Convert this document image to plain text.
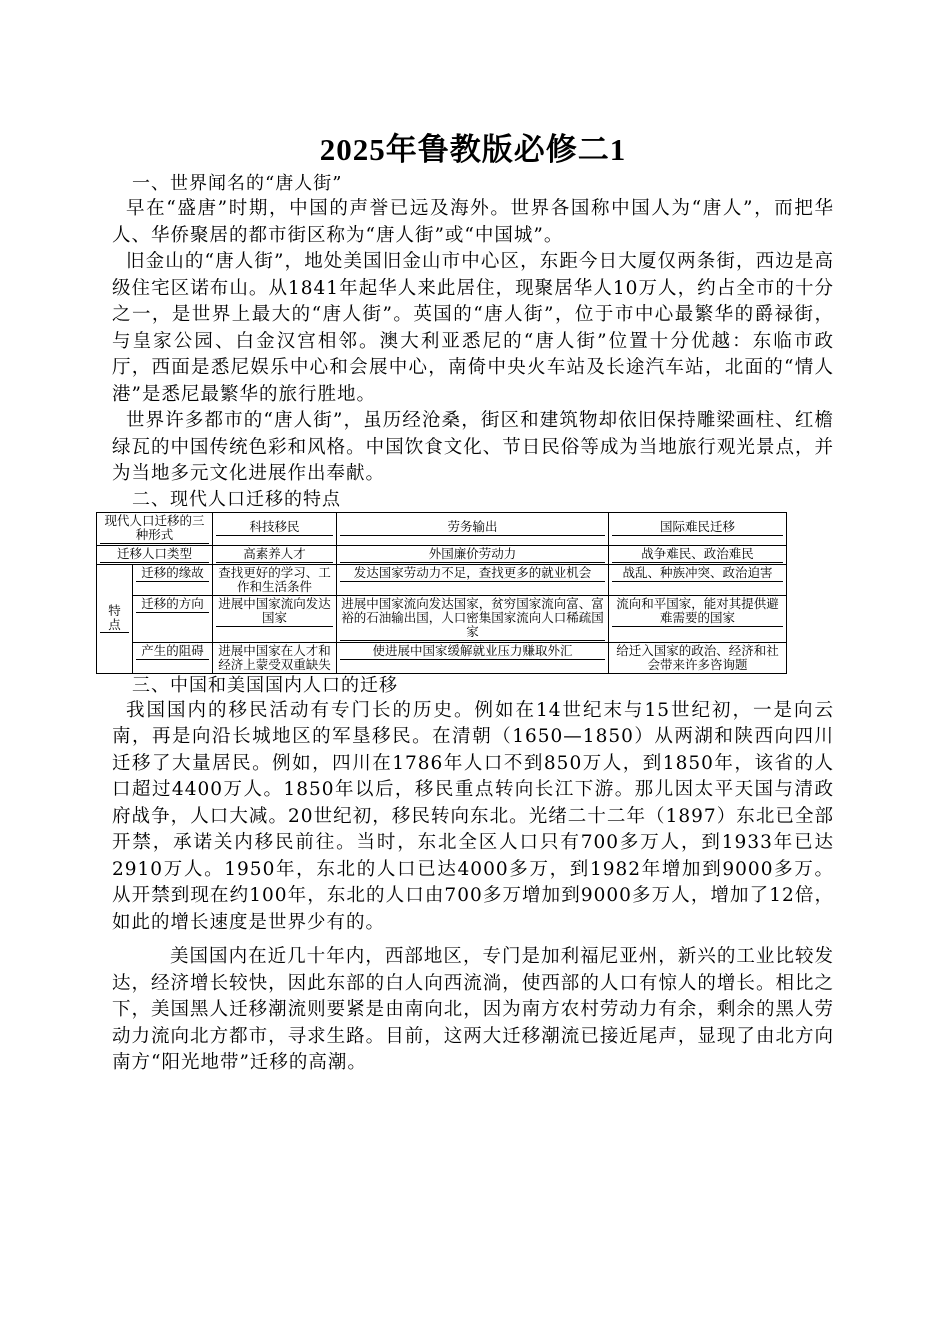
2025年鲁教版必修二1
一、世界闻名的“唐人街”

早在“盛唐”时期，中国的声誉已远及海外。世界各国称中国人为“唐人”，而把华人、华侨聚居的都市街区称为“唐人街”或“中国城”。

旧金山的“唐人街”，地处美国旧金山市中心区，东距今日大厦仅两条街，西边是高级住宅区诺布山。从1841年起华人来此居住，现聚居华人10万人，约占全市的十分之一，是世界上最大的“唐人街”。英国的“唐人街”，位于市中心最繁华的爵禄街，与皇家公园、白金汉宫相邻。澳大利亚悉尼的“唐人街”位置十分优越：东临市政厅，西面是悉尼娱乐中心和会展中心，南倚中央火车站及长途汽车站，北面的“情人港”是悉尼最繁华的旅行胜地。

世界许多都市的“唐人街”，虽历经沧桑，街区和建筑物却依旧保持雕梁画柱、红檐绿瓦的中国传统色彩和风格。中国饮食文化、节日民俗等成为当地旅行观光景点，并为当地多元文化进展作出奉献。

二、现代人口迁移的特点
现代人口迁移的三种形式		科技移民	劳务输出	国际难民迁移

迁移人口类型		高素养人才	外国廉价劳动力	战争难民、政治难民

特点	迁移的缘故	查找更好的学习、工作和生活条件	发达国家劳动力不足，查找更多的就业机会	战乱、种族冲突、政治迫害

	迁移的方向	进展中国家流向发达国家	进展中国家流向发达国家，贫穷国家流向富、富裕的石油输出国，人口密集国家流向人口稀疏国家	流向和平国家，能对其提供避难需要的国家

	产生的阻碍	进展中国家在人才和经济上蒙受双重缺失	使进展中国家缓解就业压力赚取外汇	给迁入国家的政治、经济和社会带来许多咨询题
三、中国和美国国内人口的迁移

我国国内的移民活动有专门长的历史。例如在14世纪末与15世纪初，一是向云南，再是向沿长城地区的军垦移民。在清朝（1650—1850）从两湖和陕西向四川迁移了大量居民。例如，四川在1786年人口不到850万人，到1850年，该省的人口超过4400万人。1850年以后，移民重点转向长江下游。那儿因太平天国与清政府战争，人口大减。20世纪初，移民转向东北。光绪二十二年（1897）东北已全部开禁，承诺关内移民前往。当时，东北全区人口只有700多万人，到1933年已达2910万人。1950年，东北的人口已达4000多万，到1982年增加到9000多万。从开禁到现在约100年，东北的人口由700多万增加到9000多万人，增加了12倍，如此的增长速度是世界少有的。

美国国内在近几十年内，西部地区，专门是加利福尼亚州，新兴的工业比较发达，经济增长较快，因此东部的白人向西流淌，使西部的人口有惊人的增长。相比之下，美国黑人迁移潮流则要紧是由南向北，因为南方农村劳动力有余，剩余的黑人劳动力流向北方都市，寻求生路。目前，这两大迁移潮流已接近尾声，显现了由北方向南方“阳光地带”迁移的高潮。
